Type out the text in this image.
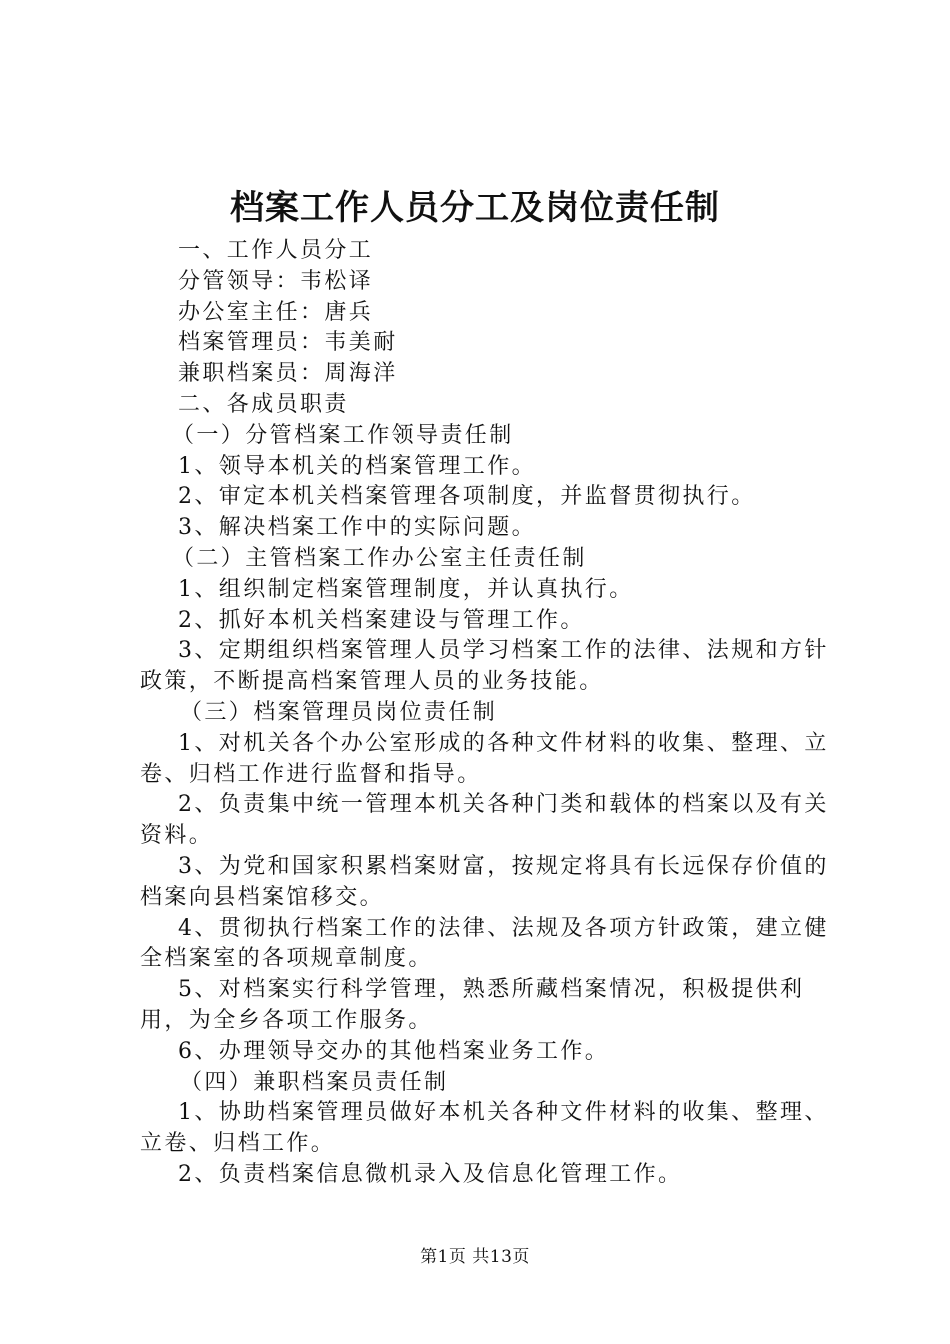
档案工作人员分工及岗位责任制
一、工作人员分工
分管领导：韦松译
办公室主任：唐兵
档案管理员：韦美耐
兼职档案员：周海洋
二、各成员职责
（一）分管档案工作领导责任制
1、领导本机关的档案管理工作。
2、审定本机关档案管理各项制度，并监督贯彻执行。
3、解决档案工作中的实际问题。
（二）主管档案工作办公室主任责任制
1、组织制定档案管理制度，并认真执行。
2、抓好本机关档案建设与管理工作。
3、定期组织档案管理人员学习档案工作的法律、法规和方针政策，不断提高档案管理人员的业务技能。
（三）档案管理员岗位责任制
1、对机关各个办公室形成的各种文件材料的收集、整理、立卷、归档工作进行监督和指导。
2、负责集中统一管理本机关各种门类和载体的档案以及有关资料。
3、为党和国家积累档案财富，按规定将具有长远保存价值的档案向县档案馆移交。
4、贯彻执行档案工作的法律、法规及各项方针政策，建立健全档案室的各项规章制度。
5、对档案实行科学管理，熟悉所藏档案情况，积极提供利用，为全乡各项工作服务。
6、办理领导交办的其他档案业务工作。
（四）兼职档案员责任制
1、协助档案管理员做好本机关各种文件材料的收集、整理、立卷、归档工作。
2、负责档案信息微机录入及信息化管理工作。
第1页 共13页
